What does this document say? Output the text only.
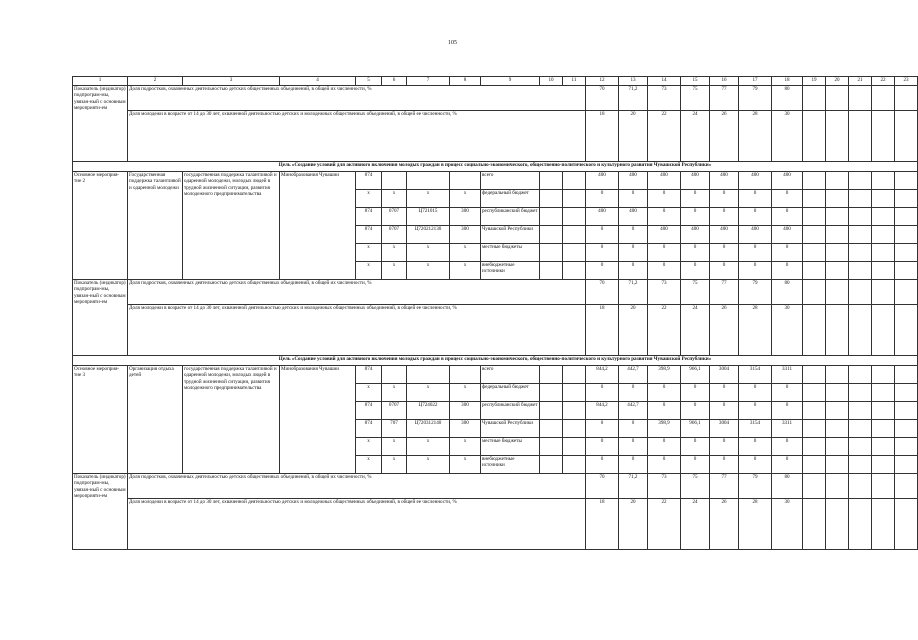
105
1	2	3	4	5	6	7	8	9	10	11	12	13	14	15	16	17	18	19	20	21	22	23
Показатель (индикатор) подпрограм-мы, увязан-ный с основным мероприяти-ем	Доля подростков, охваченных деятельностью детских общественных объединений, в общей их численности, %										70	71,2	73	75	77	79	80					
	Доля молодежи в возрасте от 14 до 30 лет, охваченной деятельностью детских и молодежных общественных объединений, в общей ее численности, %										18	20	22	24	26	28	30					
Цель «Создание условий для активного включения молодых граждан в процесс социально-экономического, общественно-политического и культурного развития Чувашской Республики»																						
Основное мероприя-тие 2	Государственная поддержка талантливой и одаренной молодежи	государственная поддержка талантливой и одаренной молодежи, молодых людей в трудной жизненной ситуации, развития молодежного предпринимательства	Минобразования Чувашии	874				всего			400	400	400	400	400	400	400					
				х	х	х	х	федеральный бюджет			0	0	0	0	0	0	0					
				874	0707	Ц721015	300	республиканский бюджет			400	400	0	0	0	0	0					
				874	0707	Ц720212130	300	Чувашской Республики			0	0	400	400	400	400	400					
				х	х	х	х	местные бюджеты			0	0	0	0	0	0	0					
				х	х	х	х	внебюджетные источники			0	0	0	0	0	0	0					
Показатель (индикатор) подпрограм-мы, увязан-ный с основным мероприяти-ем	Доля подростков, охваченных деятельностью детских общественных объединений, в общей их численности, %										70	71,2	73	75	77	79	80					
	Доля молодежи в возрасте от 14 до 30 лет, охваченной деятельностью детских и молодежных общественных объединений, в общей ее численности, %										18	20	22	24	26	28	30					
Цель «Создание условий для активного включения молодых граждан в процесс социально-экономического, общественно-политического и культурного развития Чувашской Республики»																						
Основное мероприя-тие 3	Организация отдыха детей	государственная поддержка талантливой и одаренной молодежи, молодых людей в трудной жизненной ситуации, развития молодежного предпринимательства	Минобразования Чувашии	874				всего			844,2	442,7	398,9	966,1	3004	3154	3311					
				х	х	х	х	федеральный бюджет			0	0	0	0	0	0	0					
				874	0707	Ц724022	300	республиканский бюджет			844,2	442,7	0	0	0	0	0					
				874	707	Ц720312140	300	Чувашской Республики			0	0	398,9	966,1	3004	3154	3311					
				х	х	х	х	местные бюджеты			0	0	0	0	0	0	0					
				х	х	х	х	внебюджетные источники			0	0	0	0	0	0	0					
Показатель (индикатор) подпрограм-мы, увязан-ный с основным мероприяти-ем	Доля подростков, охваченных деятельностью детских общественных объединений, в общей их численности, %										70	71,2	73	75	77	79	80					
	Доля молодежи в возрасте от 14 до 30 лет, охваченной деятельностью детских и молодежных общественных объединений, в общей ее численности, %										18	20	22	24	26	28	30					
